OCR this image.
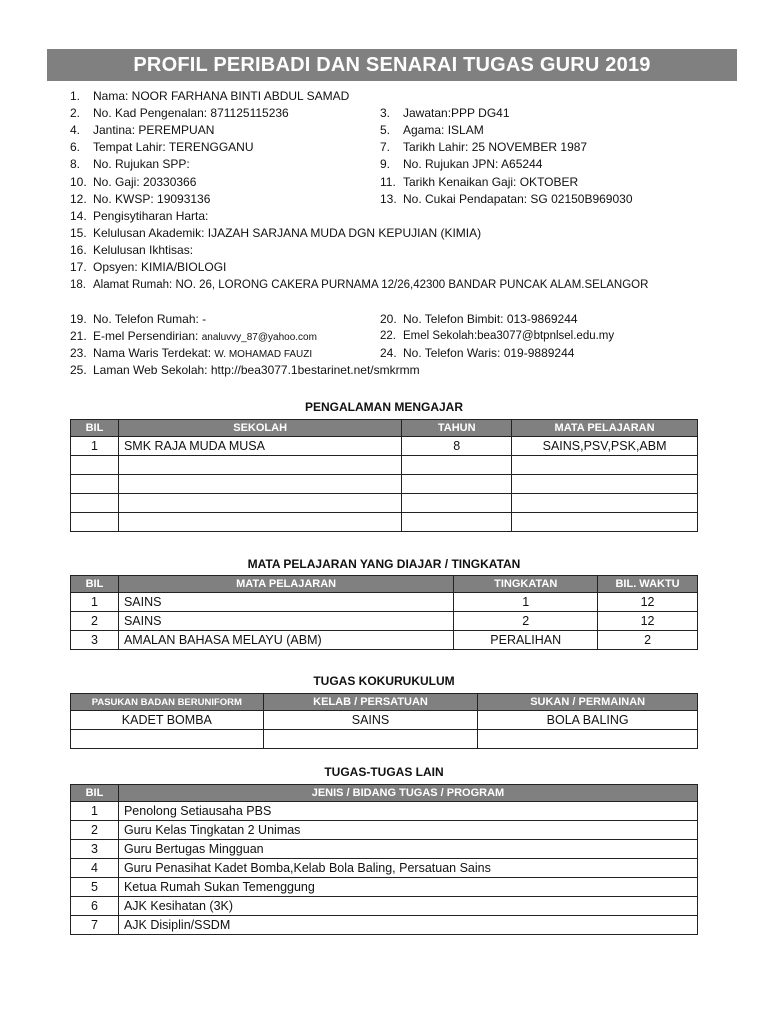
PROFIL PERIBADI DAN SENARAI TUGAS GURU 2019
1. Nama: NOOR FARHANA BINTI ABDUL SAMAD
2. No. Kad Pengenalan: 871125115236	3. Jawatan:PPP DG41
4. Jantina: PEREMPUAN	5. Agama: ISLAM
6. Tempat Lahir: TERENGGANU	7. Tarikh Lahir: 25 NOVEMBER 1987
8. No. Rujukan SPP:	9. No. Rujukan JPN: A65244
10. No. Gaji: 20330366	11. Tarikh Kenaikan Gaji: OKTOBER
12. No. KWSP: 19093136	13. No. Cukai Pendapatan: SG 02150B969030
14. Pengisytiharan Harta:
15. Kelulusan Akademik: IJAZAH SARJANA MUDA DGN KEPUJIAN (KIMIA)
16. Kelulusan Ikhtisas:
17. Opsyen: KIMIA/BIOLOGI
18. Alamat Rumah: NO. 26, LORONG CAKERA PURNAMA 12/26,42300 BANDAR PUNCAK ALAM.SELANGOR
19. No. Telefon Rumah: -	20. No. Telefon Bimbit: 013-9869244
21. E-mel Persendirian: analuvvy_87@yahoo.com	22. Emel Sekolah:bea3077@btpnlsel.edu.my
23. Nama Waris Terdekat: W. MOHAMAD FAUZI	24. No. Telefon Waris: 019-9889244
25. Laman Web Sekolah: http://bea3077.1bestarinet.net/smkrmm
PENGALAMAN MENGAJAR
BIL	SEKOLAH	TAHUN	MATA PELAJARAN
1	SMK RAJA MUDA MUSA	8	SAINS,PSV,PSK,ABM

MATA PELAJARAN YANG DIAJAR / TINGKATAN
BIL	MATA PELAJARAN	TINGKATAN	BIL. WAKTU
1	SAINS	1	12
2	SAINS	2	12
3	AMALAN BAHASA MELAYU (ABM)	PERALIHAN	2
TUGAS KOKURUKULUM
PASUKAN BADAN BERUNIFORM	KELAB / PERSATUAN	SUKAN / PERMAINAN
KADET BOMBA	SAINS	BOLA BALING

TUGAS-TUGAS LAIN
BIL	JENIS / BIDANG TUGAS / PROGRAM
1	Penolong Setiausaha PBS
2	Guru Kelas Tingkatan 2 Unimas
3	Guru Bertugas Mingguan
4	Guru Penasihat Kadet Bomba,Kelab Bola Baling, Persatuan Sains
5	Ketua Rumah Sukan Temenggung
6	AJK Kesihatan (3K)
7	AJK Disiplin/SSDM
